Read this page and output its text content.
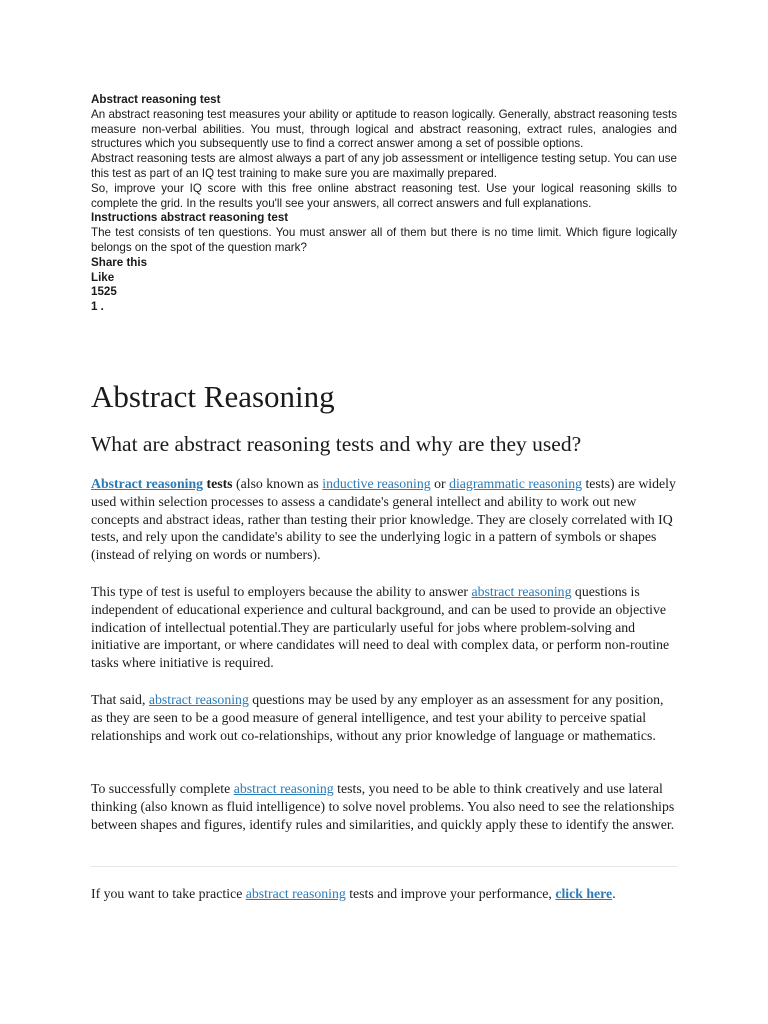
Abstract reasoning test

An abstract reasoning test measures your ability or aptitude to reason logically. Generally, abstract reasoning tests measure non-verbal abilities. You must, through logical and abstract reasoning, extract rules, analogies and structures which you subsequently use to find a correct answer among a set of possible options.

Abstract reasoning tests are almost always a part of any job assessment or intelligence testing setup. You can use this test as part of an IQ test training to make sure you are maximally prepared.

So, improve your IQ score with this free online abstract reasoning test. Use your logical reasoning skills to complete the grid. In the results you'll see your answers, all correct answers and full explanations.

Instructions abstract reasoning test

The test consists of ten questions. You must answer all of them but there is no time limit. Which figure logically belongs on the spot of the question mark?

Share this

Like

1525

1 .

Abstract Reasoning
What are abstract reasoning tests and why are they used?

Abstract reasoning tests (also known as inductive reasoning or diagrammatic reasoning tests) are widely used within selection processes to assess a candidate's general intellect and ability to work out new concepts and abstract ideas, rather than testing their prior knowledge. They are closely correlated with IQ tests, and rely upon the candidate's ability to see the underlying logic in a pattern of symbols or shapes (instead of relying on words or numbers).

This type of test is useful to employers because the ability to answer abstract reasoning questions is independent of educational experience and cultural background, and can be used to provide an objective indication of intellectual potential.They are particularly useful for jobs where problem-solving and initiative are important, or where candidates will need to deal with complex data, or perform non-routine tasks where initiative is required.

That said, abstract reasoning questions may be used by any employer as an assessment for any position, as they are seen to be a good measure of general intelligence, and test your ability to perceive spatial relationships and work out co-relationships, without any prior knowledge of language or mathematics.

To successfully complete abstract reasoning tests, you need to be able to think creatively and use lateral thinking (also known as fluid intelligence) to solve novel problems. You also need to see the relationships between shapes and figures, identify rules and similarities, and quickly apply these to identify the answer.

If you want to take practice abstract reasoning tests and improve your performance, click here.
